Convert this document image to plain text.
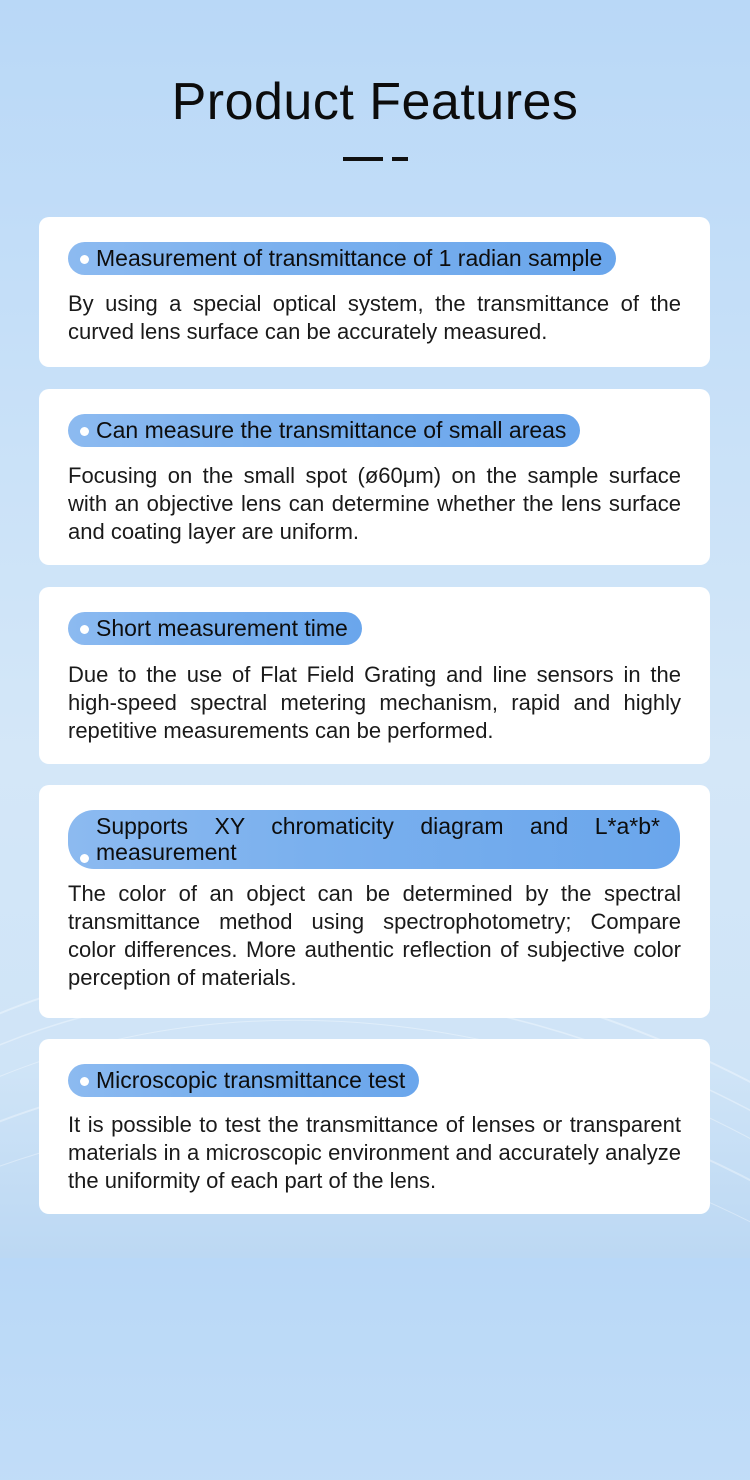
Product Features
Measurement of transmittance of 1 radian sample

By using a special optical system, the transmittance of the curved lens surface can be accurately measured.

Can measure the transmittance of small areas

Focusing on the small spot (ø60μm) on the sample surface with an objective lens can determine whether the lens surface and coating layer are uniform.

Short measurement time

Due to the use of Flat Field Grating and line sensors in the high-speed spectral metering mechanism, rapid and highly repetitive measurements can be performed.

Supports XY chromaticity diagram and L*a*b* measurement

The color of an object can be determined by the spectral transmittance method using spectrophotometry; Compare color differences. More authentic reflection of subjective color perception of materials.

Microscopic transmittance test

It is possible to test the transmittance of lenses or transparent materials in a microscopic environment and accurately analyze the uniformity of each part of the lens.
